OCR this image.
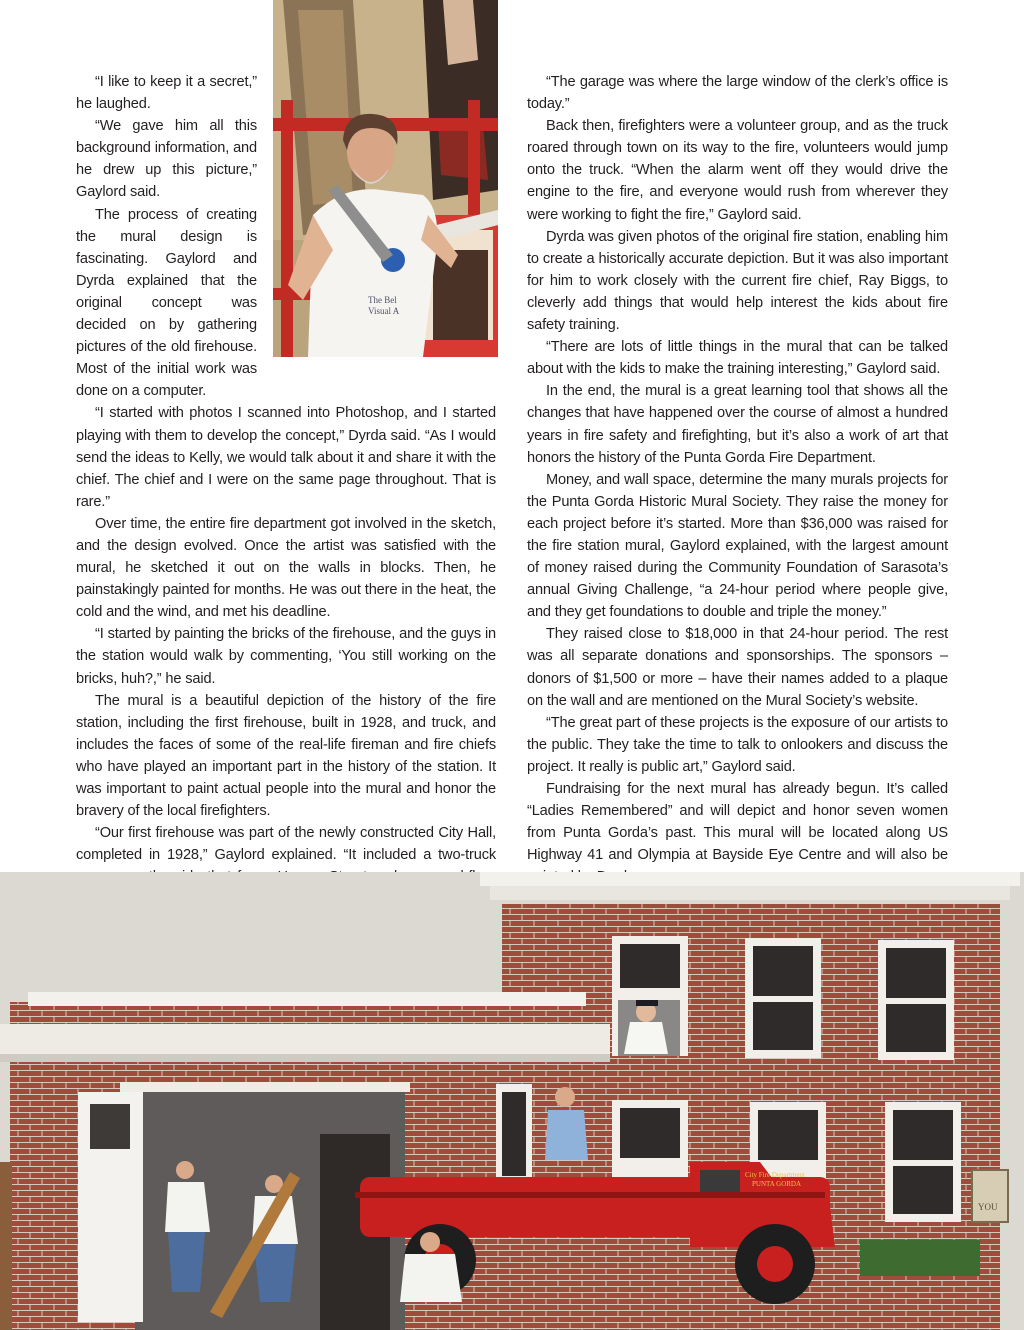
The Bel
Visual A

“I like to keep it a secret,” he laughed.

“We gave him all this background information, and he drew up this picture,” Gaylord said.

The process of creating the mural design is fascinating. Gaylord and Dyrda explained that the original concept was decided on by gathering pictures of the old firehouse. Most of the initial work was done on a computer.

“I started with photos I scanned into Photoshop, and I started playing with them to develop the concept,” Dyrda said. “As I would send the ideas to Kelly, we would talk about it and share it with the chief. The chief and I were on the same page throughout. That is rare.”

Over time, the entire fire department got involved in the sketch, and the design evolved. Once the artist was satisfied with the mural, he sketched it out on the walls in blocks. Then, he painstakingly painted for months. He was out there in the heat, the cold and the wind, and met his deadline.

“I started by painting the bricks of the firehouse, and the guys in the station would walk by commenting, ‘You still working on the bricks, huh?,” he said.

The mural is a beautiful depiction of the history of the fire station, including the first firehouse, built in 1928, and truck, and includes the faces of some of the real-life fireman and fire chiefs who have played an important part in the history of the station. It was important to paint actual people into the mural and honor the bravery of the local firefighters.

“Our first firehouse was part of the newly constructed City Hall, completed in 1928,” Gaylord explained. “It included a two-truck

“The garage was where the large window of the clerk’s office is today.”

Back then, firefighters were a volunteer group, and as the truck roared through town on its way to the fire, volunteers would jump onto the truck. “When the alarm went off they would drive the engine to the fire, and everyone would rush from wherever they were working to fight the fire,” Gaylord said.

Dyrda was given photos of the original fire station, enabling him to create a historically accurate depiction. But it was also important for him to work closely with the current fire chief, Ray Biggs, to cleverly add things that would help interest the kids about fire safety training.

“There are lots of little things in the mural that can be talked about with the kids to make the training interesting,” Gaylord said.

In the end, the mural is a great learning tool that shows all the changes that have happened over the course of almost a hundred years in fire safety and firefighting, but it’s also a work of art that honors the history of the Punta Gorda Fire Department.

Money, and wall space, determine the many murals projects for the Punta Gorda Historic Mural Society. They raise the money for each project before it’s started. More than $36,000 was raised for the fire station mural, Gaylord explained, with the largest amount of money raised during the Community Foundation of Sarasota’s annual Giving Challenge, “a 24-hour period where people give, and they get foundations to double and triple the money.”

They raised close to $18,000 in that 24-hour period. The rest was all separate donations and sponsorships. The sponsors – donors of $1,500 or more – have their names added to a plaque on the wall and are mentioned on the Mural Society’s website.

“The great part of these projects is the exposure of our artists to the public. They take the time to talk to onlookers and discuss the project. It really is public art,” Gaylord said.

Fundraising for the next mural has already begun. It’s called “Ladies Remembered” and will depict and honor seven women from Punta Gorda’s past. This mural will be located along US Highway 41 and Olympia at Bayside Eye Centre and will also be

City Fire Department
PUNTA GORDA
YOU
